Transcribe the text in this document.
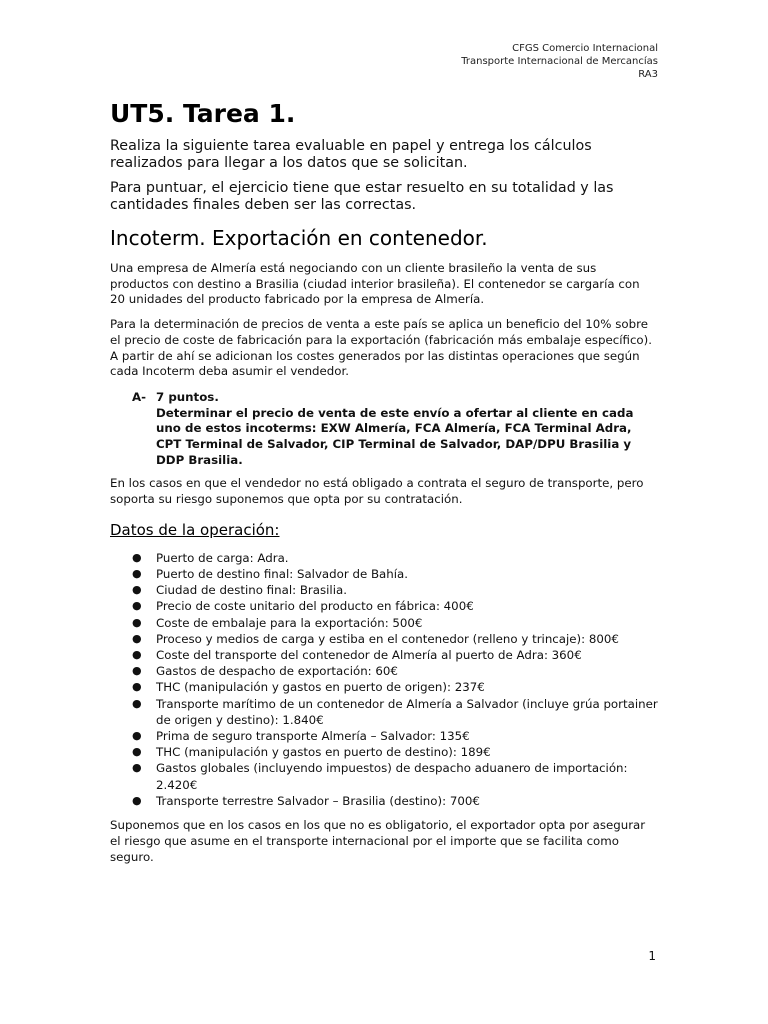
CFGS Comercio Internacional
Transporte Internacional de Mercancías
RA3
UT5. Tarea 1.

Realiza la siguiente tarea evaluable en papel y entrega los cálculos realizados para llegar a los datos que se solicitan.

Para puntuar, el ejercicio tiene que estar resuelto en su totalidad y las cantidades finales deben ser las correctas.

Incoterm. Exportación en contenedor.

Una empresa de Almería está negociando con un cliente brasileño la venta de sus productos con destino a Brasilia (ciudad interior brasileña). El contenedor se cargaría con 20 unidades del producto fabricado por la empresa de Almería.

Para la determinación de precios de venta a este país se aplica un beneficio del 10% sobre el precio de coste de fabricación para la exportación (fabricación más embalaje específico). A partir de ahí se adicionan los costes generados por las distintas operaciones que según cada Incoterm deba asumir el vendedor.

A- 7 puntos.
Determinar el precio de venta de este envío a ofertar al cliente en cada uno de estos incoterms: EXW Almería, FCA Almería, FCA Terminal Adra, CPT Terminal de Salvador, CIP Terminal de Salvador, DAP/DPU Brasilia y DDP Brasilia.

En los casos en que el vendedor no está obligado a contrata el seguro de transporte, pero soporta su riesgo suponemos que opta por su contratación.

Datos de la operación:
●	Puerto de carga: Adra.
●	Puerto de destino final: Salvador de Bahía.
●	Ciudad de destino final: Brasilia.
●	Precio de coste unitario del producto en fábrica: 400€
●	Coste de embalaje para la exportación: 500€
●	Proceso y medios de carga y estiba en el contenedor (relleno y trincaje): 800€
●	Coste del transporte del contenedor de Almería al puerto de Adra: 360€
●	Gastos de despacho de exportación: 60€
●	THC (manipulación y gastos en puerto de origen): 237€
●	Transporte marítimo de un contenedor de Almería a Salvador (incluye grúa portainer de origen y destino): 1.840€
●	Prima de seguro transporte Almería – Salvador: 135€
●	THC (manipulación y gastos en puerto de destino): 189€
●	Gastos globales (incluyendo impuestos) de despacho aduanero de importación: 2.420€
●	Transporte terrestre Salvador – Brasilia (destino): 700€

Suponemos que en los casos en los que no es obligatorio, el exportador opta por asegurar el riesgo que asume en el transporte internacional por el importe que se facilita como seguro.

1
